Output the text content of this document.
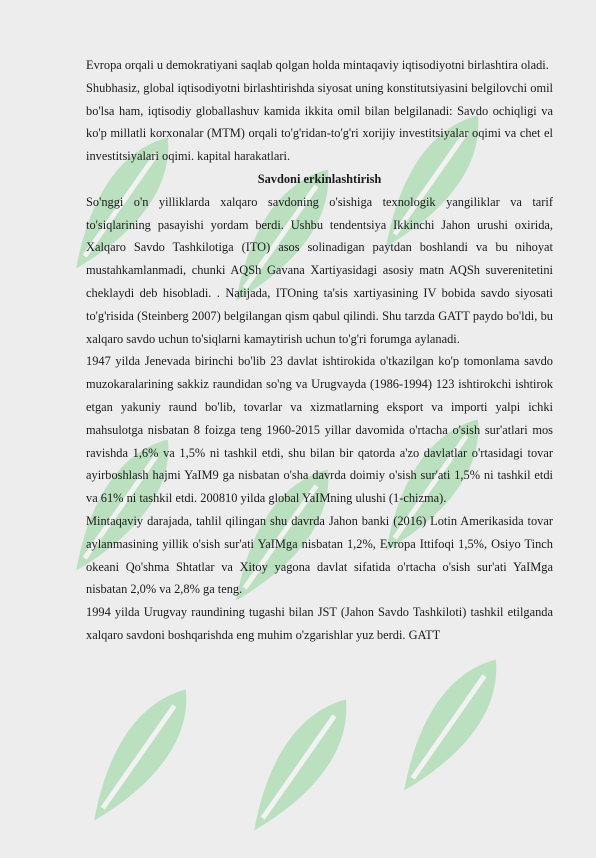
Evropa orqali u demokratiyani saqlab qolgan holda mintaqaviy iqtisodiyotni birlashtira oladi.

Shubhasiz, global iqtisodiyotni birlashtirishda siyosat uning konstitutsiyasini belgilovchi omil bo'lsa ham, iqtisodiy globallashuv kamida ikkita omil bilan belgilanadi: Savdo ochiqligi va ko'p millatli korxonalar (MTM) orqali to'g'ridan-to'g'ri xorijiy investitsiyalar oqimi va chet el investitsiyalari oqimi. kapital harakatlari.

Savdoni erkinlashtirish

So'nggi o'n yilliklarda xalqaro savdoning o'sishiga texnologik yangiliklar va tarif to'siqlarining pasayishi yordam berdi. Ushbu tendentsiya Ikkinchi Jahon urushi oxirida, Xalqaro Savdo Tashkilotiga (ITO) asos solinadigan paytdan boshlandi va bu nihoyat mustahkamlanmadi, chunki AQSh Gavana Xartiyasidagi asosiy matn AQSh suverenitetini cheklaydi deb hisobladi. . Natijada, ITOning ta'sis xartiyasining IV bobida savdo siyosati to'g'risida (Steinberg 2007) belgilangan qism qabul qilindi. Shu tarzda GATT paydo bo'ldi, bu xalqaro savdo uchun to'siqlarni kamaytirish uchun to'g'ri forumga aylanadi.

1947 yilda Jenevada birinchi bo'lib 23 davlat ishtirokida o'tkazilgan ko'p tomonlama savdo muzokaralarining sakkiz raundidan so'ng va Urugvayda (1986-1994) 123 ishtirokchi ishtirok etgan yakuniy raund bo'lib, tovarlar va xizmatlarning eksport va importi yalpi ichki mahsulotga nisbatan 8 foizga teng 1960-2015 yillar davomida o'rtacha o'sish sur'atlari mos ravishda 1,6% va 1,5% ni tashkil etdi, shu bilan bir qatorda a'zo davlatlar o'rtasidagi tovar ayirboshlash hajmi YaIM9 ga nisbatan o'sha davrda doimiy o'sish sur'ati 1,5% ni tashkil etdi va 61% ni tashkil etdi. 200810 yilda global YaIMning ulushi (1-chizma).

Mintaqaviy darajada, tahlil qilingan shu davrda Jahon banki (2016) Lotin Amerikasida tovar aylanmasining yillik o'sish sur'ati YaIMga nisbatan 1,2%, Evropa Ittifoqi 1,5%, Osiyo Tinch okeani Qo'shma Shtatlar va Xitoy yagona davlat sifatida o'rtacha o'sish sur'ati YaIMga nisbatan 2,0% va 2,8% ga teng.

1994 yilda Urugvay raundining tugashi bilan JST (Jahon Savdo Tashkiloti) tashkil etilganda xalqaro savdoni boshqarishda eng muhim o'zgarishlar yuz berdi. GATT
